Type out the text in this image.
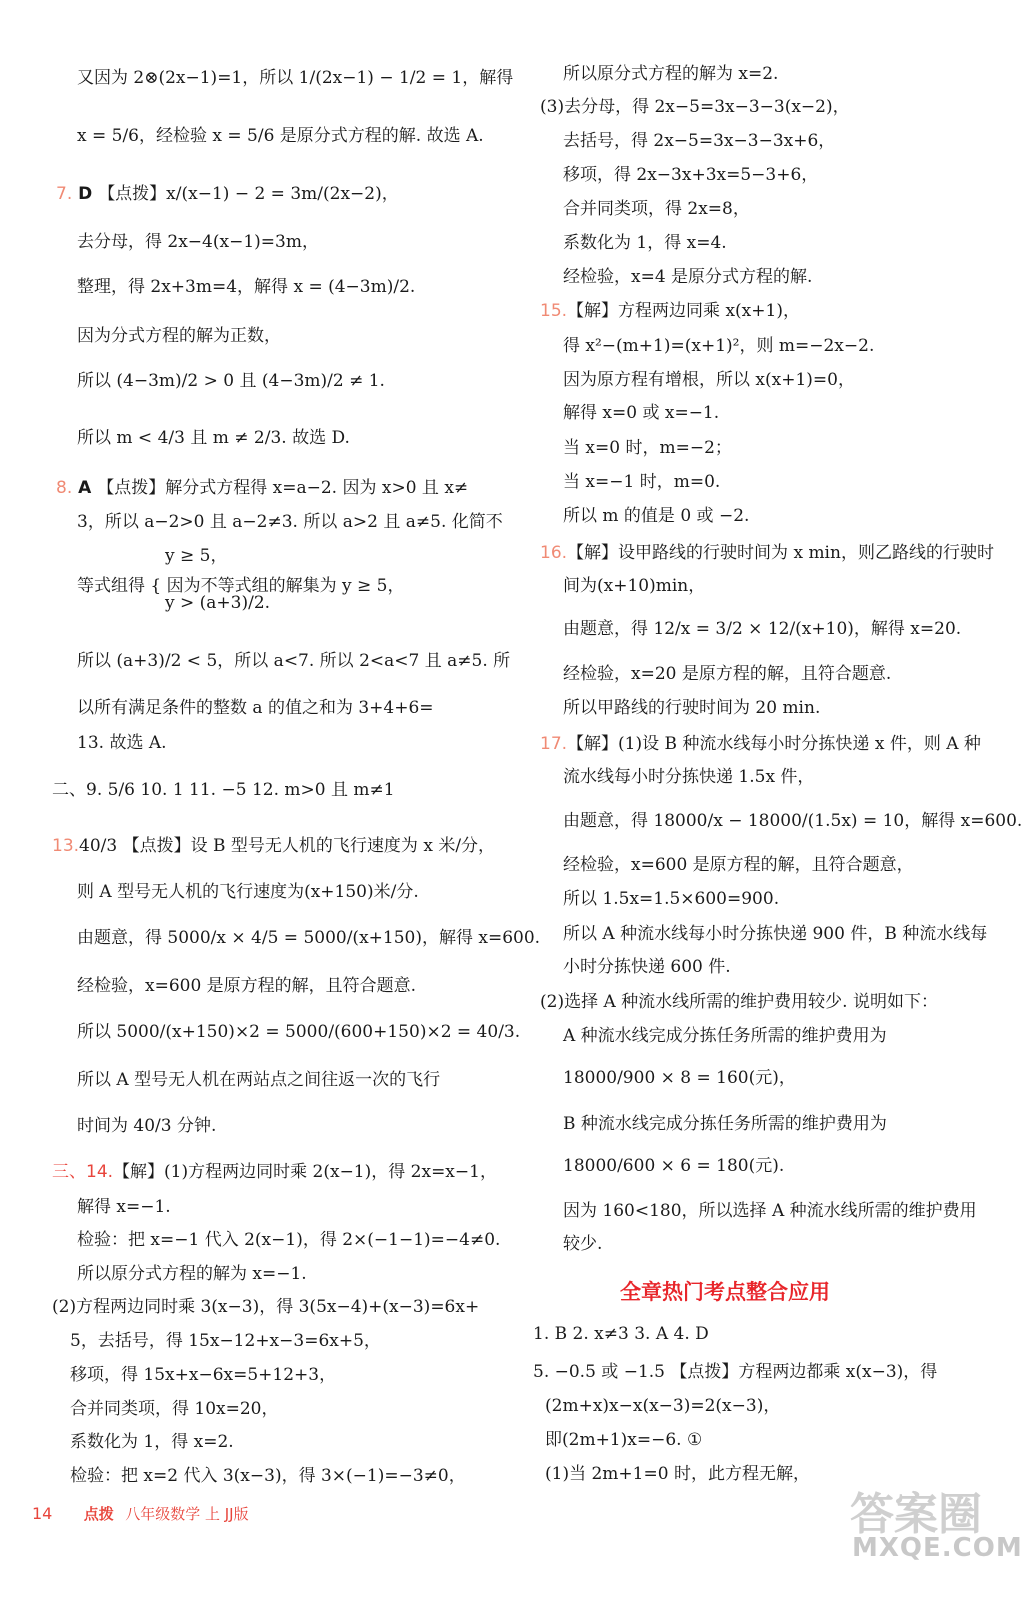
又因为 2⊗(2x−1)=1，所以 1/(2x−1) − 1/2 = 1，解得
x = 5/6，经检验 x = 5/6 是原分式方程的解. 故选 A.
7. D 【点拨】x/(x−1) − 2 = 3m/(2x−2)，
去分母，得 2x−4(x−1)=3m，
整理，得 2x+3m=4，解得 x = (4−3m)/2.
因为分式方程的解为正数，
所以 (4−3m)/2 > 0 且 (4−3m)/2 ≠ 1.
所以 m < 4/3 且 m ≠ 2/3. 故选 D.
8. A 【点拨】解分式方程得 x=a−2. 因为 x>0 且 x≠
3，所以 a−2>0 且 a−2≠3. 所以 a>2 且 a≠5. 化简不
y ≥ 5，
等式组得 { 因为不等式组的解集为 y ≥ 5，
y > (a+3)/2.
所以 (a+3)/2 < 5，所以 a<7. 所以 2<a<7 且 a≠5. 所
以所有满足条件的整数 a 的值之和为 3+4+6=
13. 故选 A.
二、9. 5/6 10. 1 11. −5 12. m>0 且 m≠1
13.40/3 【点拨】设 B 型号无人机的飞行速度为 x 米/分，
则 A 型号无人机的飞行速度为(x+150)米/分.
由题意，得 5000/x × 4/5 = 5000/(x+150)，解得 x=600.
经检验，x=600 是原方程的解，且符合题意.
所以 5000/(x+150)×2 = 5000/(600+150)×2 = 40/3.
所以 A 型号无人机在两站点之间往返一次的飞行
时间为 40/3 分钟.
三、14.【解】(1)方程两边同时乘 2(x−1)，得 2x=x−1，
解得 x=−1.
检验：把 x=−1 代入 2(x−1)，得 2×(−1−1)=−4≠0.
所以原分式方程的解为 x=−1.
(2)方程两边同时乘 3(x−3)，得 3(5x−4)+(x−3)=6x+
5，去括号，得 15x−12+x−3=6x+5，
移项，得 15x+x−6x=5+12+3，
合并同类项，得 10x=20，
系数化为 1，得 x=2.
检验：把 x=2 代入 3(x−3)，得 3×(−1)=−3≠0，
所以原分式方程的解为 x=2.
(3)去分母，得 2x−5=3x−3−3(x−2)，
去括号，得 2x−5=3x−3−3x+6，
移项，得 2x−3x+3x=5−3+6，
合并同类项，得 2x=8，
系数化为 1，得 x=4.
经检验，x=4 是原分式方程的解.
15.【解】方程两边同乘 x(x+1)，
得 x²−(m+1)=(x+1)²，则 m=−2x−2.
因为原方程有增根，所以 x(x+1)=0，
解得 x=0 或 x=−1.
当 x=0 时，m=−2；
当 x=−1 时，m=0.
所以 m 的值是 0 或 −2.
16.【解】设甲路线的行驶时间为 x min，则乙路线的行驶时
间为(x+10)min，
由题意，得 12/x = 3/2 × 12/(x+10)，解得 x=20.
经检验，x=20 是原方程的解，且符合题意.
所以甲路线的行驶时间为 20 min.
17.【解】(1)设 B 种流水线每小时分拣快递 x 件，则 A 种
流水线每小时分拣快递 1.5x 件，
由题意，得 18000/x − 18000/(1.5x) = 10，解得 x=600.
经检验，x=600 是原方程的解，且符合题意，
所以 1.5x=1.5×600=900.
所以 A 种流水线每小时分拣快递 900 件，B 种流水线每
小时分拣快递 600 件.
(2)选择 A 种流水线所需的维护费用较少. 说明如下：
A 种流水线完成分拣任务所需的维护费用为
18000/900 × 8 = 160(元)，
B 种流水线完成分拣任务所需的维护费用为
18000/600 × 6 = 180(元).
因为 160<180，所以选择 A 种流水线所需的维护费用
较少.
1. B 2. x≠3 3. A 4. D
5. −0.5 或 −1.5 【点拨】方程两边都乘 x(x−3)，得
(2m+x)x−x(x−3)=2(x−3)，
即(2m+1)x=−6. ①
(1)当 2m+1=0 时，此方程无解，
全章热门考点整合应用
14 点拨 八年级数学 上 JJ版	答案圈
MXQE.COM
